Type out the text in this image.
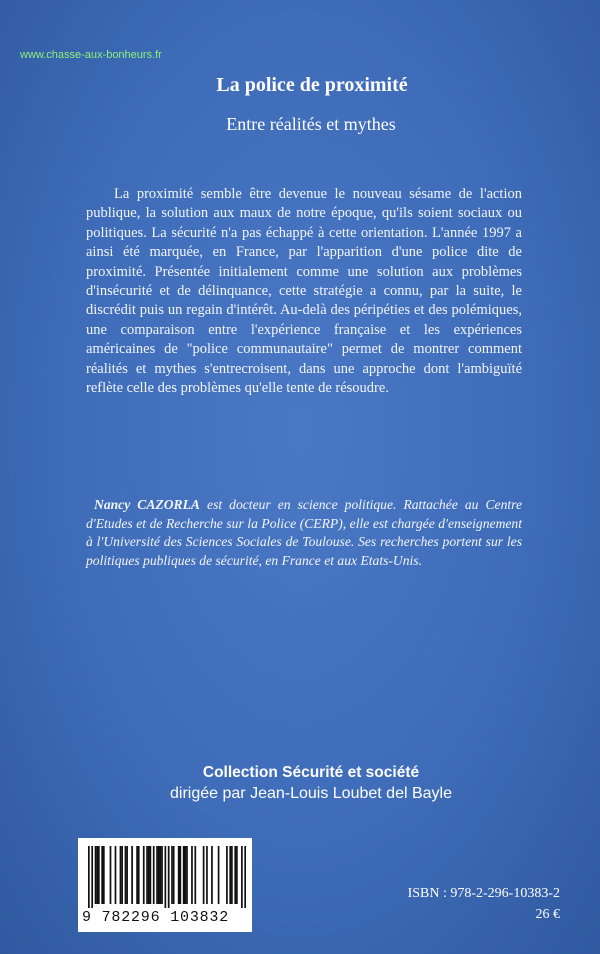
www.chasse-aux-bonheurs.fr
La police de proximité
Entre réalités et mythes
La proximité semble être devenue le nouveau sésame de l'action publique, la solution aux maux de notre époque, qu'ils soient sociaux ou politiques. La sécurité n'a pas échappé à cette orientation. L'année 1997 a ainsi été marquée, en France, par l'apparition d'une police dite de proximité. Présentée initialement comme une solution aux problèmes d'insécurité et de délinquance, cette stratégie a connu, par la suite, le discrédit puis un regain d'intérêt. Au-delà des péripéties et des polémiques, une comparaison entre l'expérience française et les expériences américaines de "police communautaire" permet de montrer comment réalités et mythes s'entrecroisent, dans une approche dont l'ambiguïté reflète celle des problèmes qu'elle tente de résoudre.
Nancy CAZORLA est docteur en science politique. Rattachée au Centre d'Etudes et de Recherche sur la Police (CERP), elle est chargée d'enseignement à l'Université des Sciences Sociales de Toulouse. Ses recherches portent sur les politiques publiques de sécurité, en France et aux Etats-Unis.
Collection Sécurité et société
dirigée par Jean-Louis Loubet del Bayle
9 782296 103832
ISBN : 978-2-296-10383-2
26 €
